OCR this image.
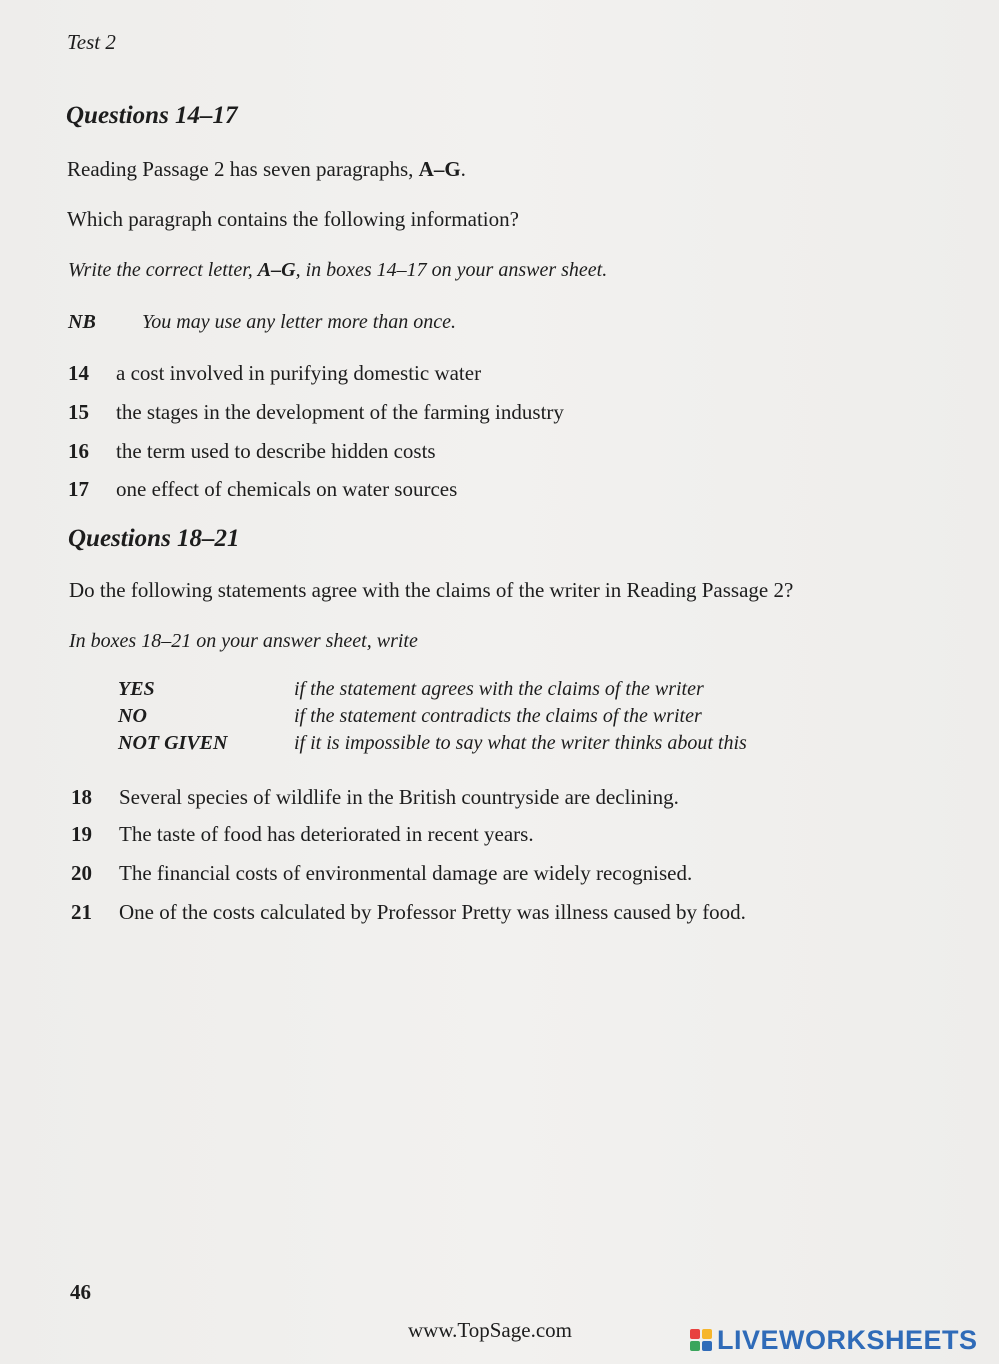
Test 2
Questions 14–17
Reading Passage 2 has seven paragraphs, A–G.
Which paragraph contains the following information?
Write the correct letter, A–G, in boxes 14–17 on your answer sheet.
NB You may use any letter more than once.
14 a cost involved in purifying domestic water
15 the stages in the development of the farming industry
16 the term used to describe hidden costs
17 one effect of chemicals on water sources
Questions 18–21
Do the following statements agree with the claims of the writer in Reading Passage 2?
In boxes 18–21 on your answer sheet, write
YES	if the statement agrees with the claims of the writer
NO	if the statement contradicts the claims of the writer
NOT GIVEN	if it is impossible to say what the writer thinks about this
18 Several species of wildlife in the British countryside are declining.
19 The taste of food has deteriorated in recent years.
20 The financial costs of environmental damage are widely recognised.
21 One of the costs calculated by Professor Pretty was illness caused by food.
46
www.TopSage.com	LIVEWORKSHEETS
